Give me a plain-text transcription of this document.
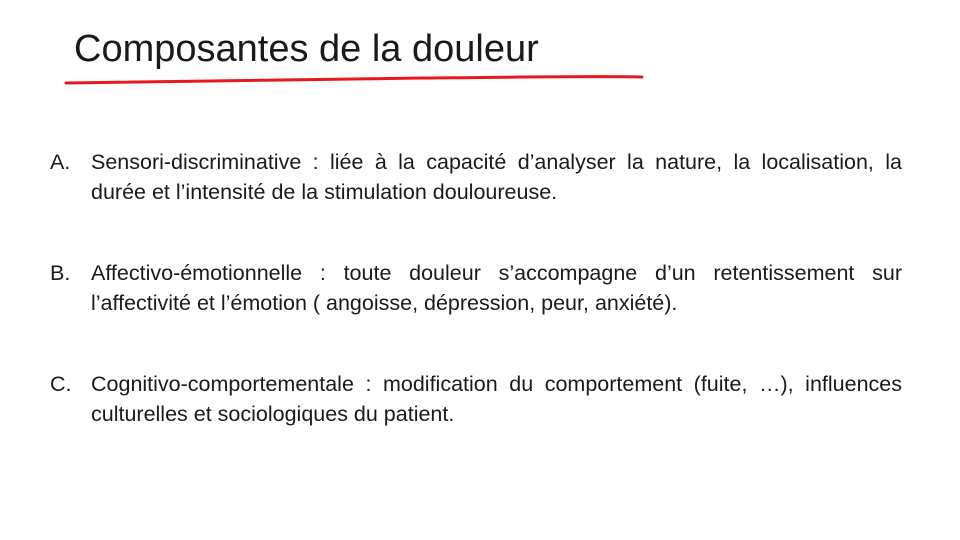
Composantes de la douleur
A. Sensori-discriminative : liée à la capacité d’analyser la nature, la localisation, la durée et l’intensité de la stimulation douloureuse.
B. Affectivo-émotionnelle : toute douleur s’accompagne d’un retentissement sur l’affectivité et l’émotion ( angoisse, dépression, peur, anxiété).
C. Cognitivo-comportementale : modification du comportement (fuite, …), influences culturelles et sociologiques du patient.
